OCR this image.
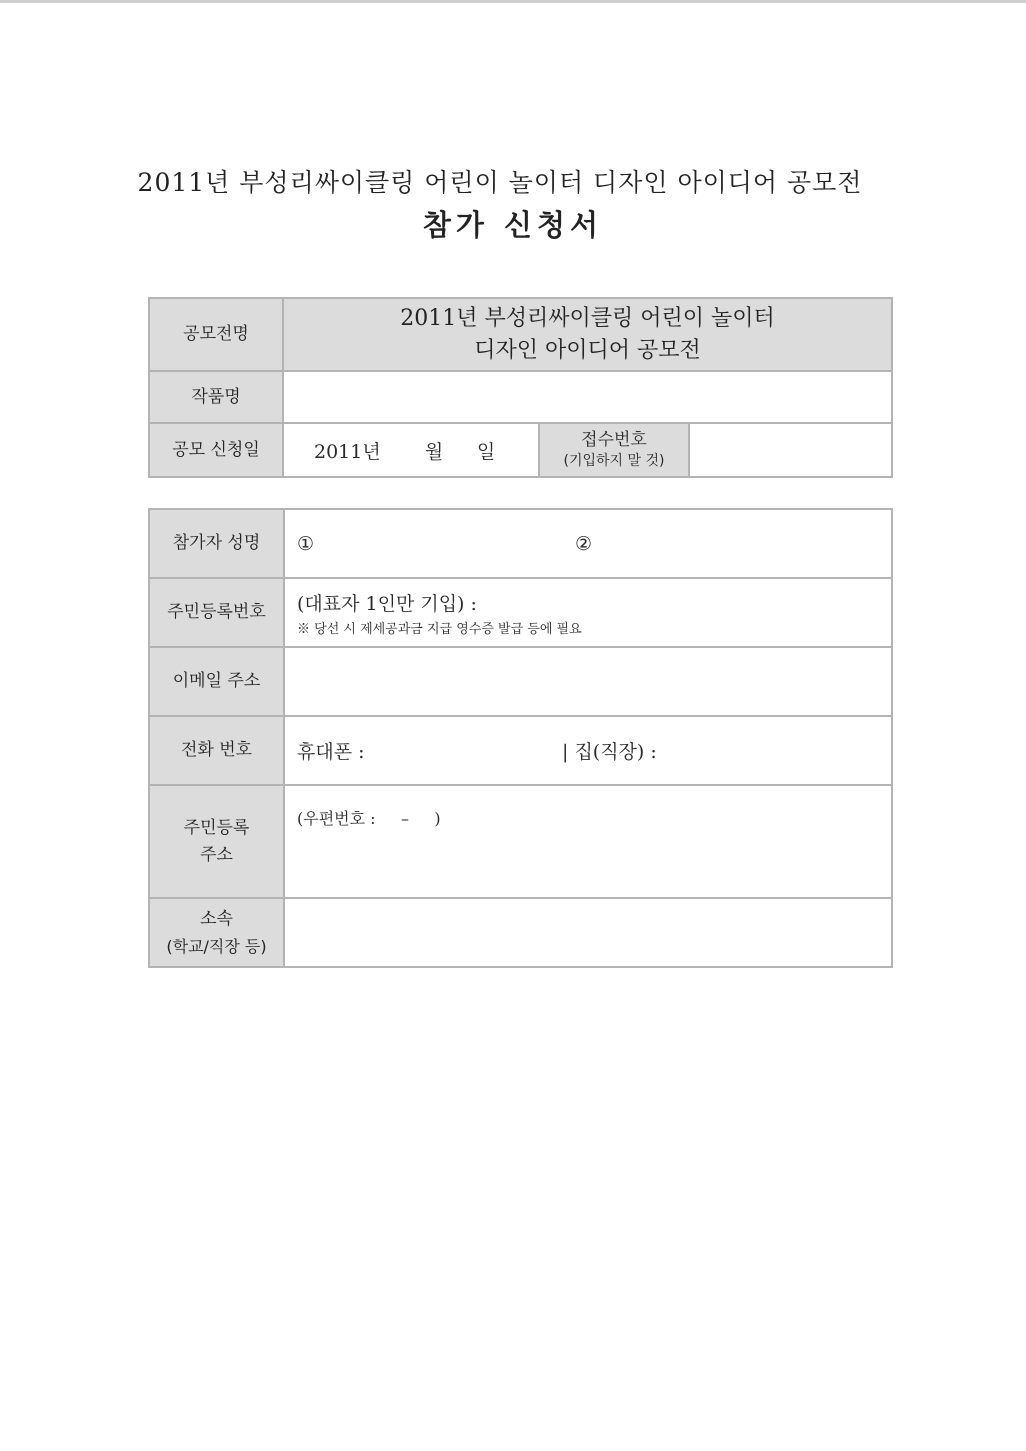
2011년 부성리싸이클링 어린이 놀이터 디자인 아이디어 공모전
참가 신청서
공모전명	2011년 부성리싸이클링 어린이 놀이터
디자인 아이디어 공모전		

작품명			
공모 신청일	2011년 월 일	접수번호
(기입하지 말 것)	

참가자 성명	① ②
주민등록번호	(대표자 1인만 기입) :
※ 당선 시 제세공과금 지급 영수증 발급 등에 필요

이메일 주소	
전화 번호	휴대폰 : | 집(직장) :

주민등록
주소	(우편번호 :     –     )

소속
(학교/직장 등)	
